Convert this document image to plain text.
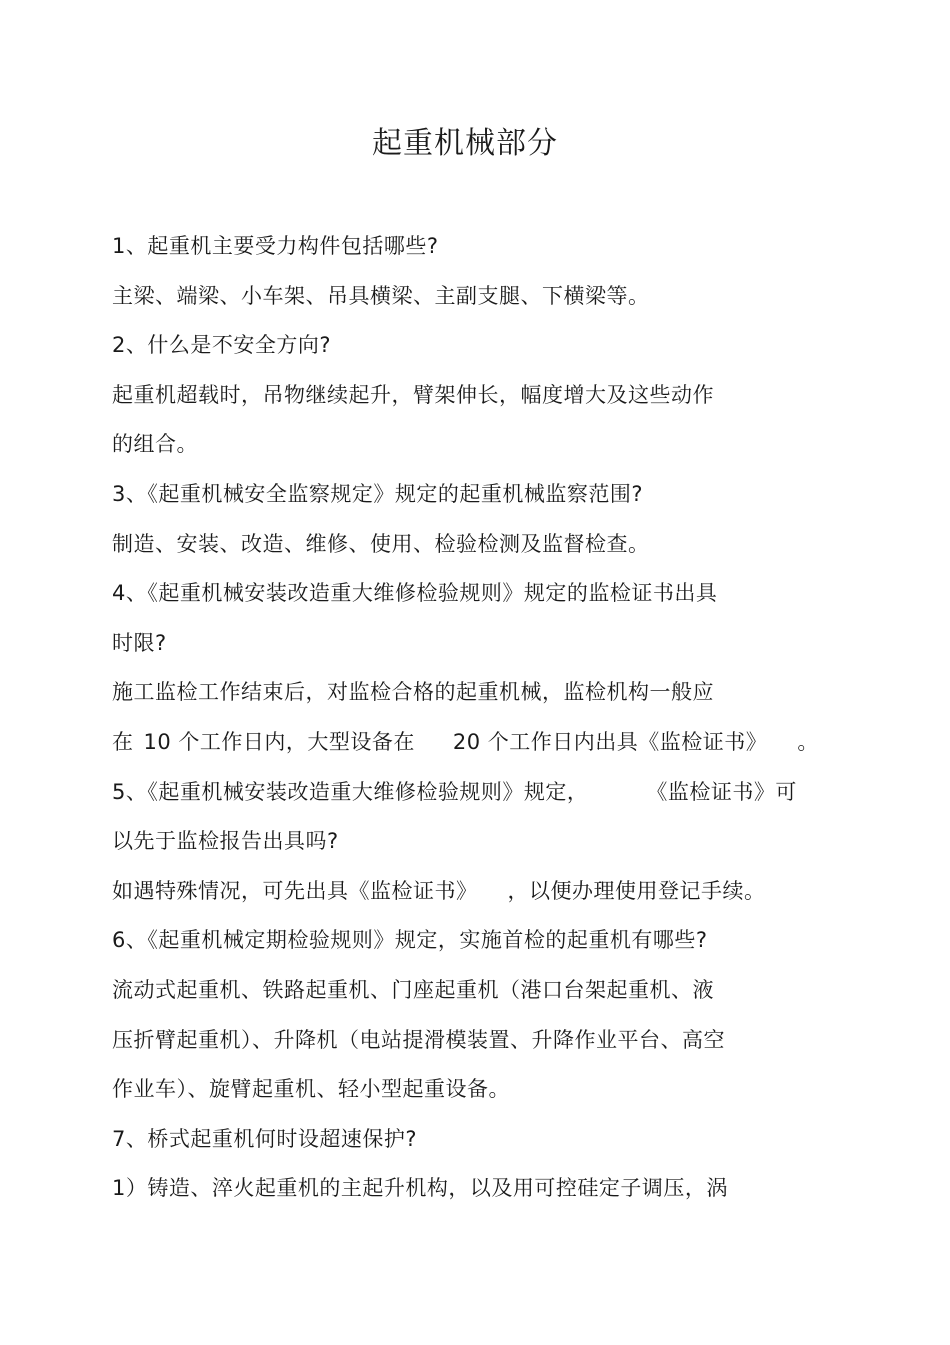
起重机械部分
1、起重机主要受力构件包括哪些?
主梁、端梁、小车架、吊具横梁、主副支腿、下横梁等。
2、什么是不安全方向?
起重机超载时，吊物继续起升，臂架伸长，幅度增大及这些动作
的组合。
3、《起重机械安全监察规定》规定的起重机械监察范围?
制造、安装、改造、维修、使用、检验检测及监督检查。
4、《起重机械安装改造重大维修检验规则》规定的监检证书出具
时限?
施工监检工作结束后，对监检合格的起重机械，监检机构一般应
在 10 个工作日内，大型设备在 20 个工作日内出具《监检证书》 。
5、《起重机械安装改造重大维修检验规则》规定，	《监检证书》可
以先于监检报告出具吗?
如遇特殊情况，可先出具《监检证书》 ，以便办理使用登记手续。
6、《起重机械定期检验规则》规定，实施首检的起重机有哪些?
流动式起重机、铁路起重机、门座起重机（港口台架起重机、液
压折臂起重机）、升降机（电站提滑模装置、升降作业平台、高空
作业车）、旋臂起重机、轻小型起重设备。
7、桥式起重机何时设超速保护?
1）铸造、淬火起重机的主起升机构，以及用可控硅定子调压，涡
